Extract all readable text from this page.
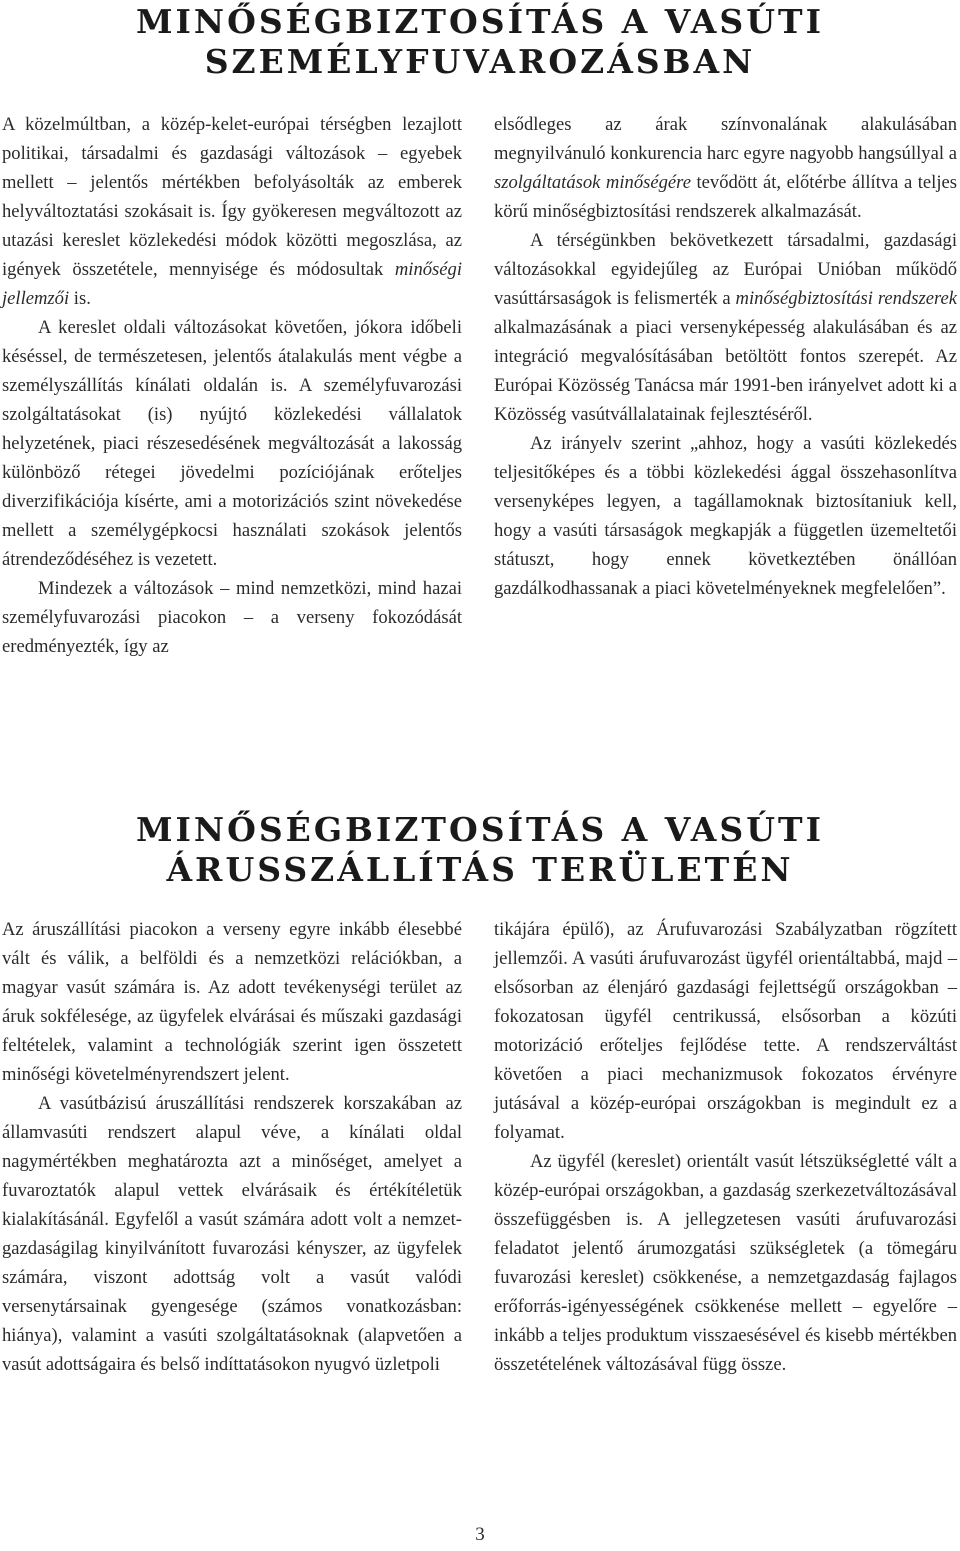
MINŐSÉGBIZTOSÍTÁS A VASÚTI
SZEMÉLYFUVAROZÁSBAN

A közelmúltban, a közép-kelet-európai térségben lezajlott politikai, társadalmi és gazdasági változások – egyebek mellett – jelentős mértékben befolyásolták az emberek helyváltoztatási szokásait is. Így gyökeresen megváltozott az utazási kereslet közlekedési módok közötti megoszlása, az igények összetétele, mennyisége és módosultak minőségi jellemzői is.

A kereslet oldali változásokat követően, jókora időbeli késéssel, de természetesen, jelentős átalakulás ment végbe a személyszállítás kínálati oldalán is. A személyfuvarozási szolgáltatásokat (is) nyújtó közlekedési vállalatok helyzetének, piaci részesedésének megváltozását a lakosság különböző rétegei jövedelmi pozíciójának erőteljes diverzifikációja kísérte, ami a motorizációs szint növekedése mellett a személygépkocsi használati szokások jelentős átrendeződéséhez is vezetett.

Mindezek a változások – mind nemzetközi, mind hazai személyfuvarozási piacokon – a verseny fokozódását eredményezték, így az

elsődleges az árak színvonalának alakulásában megnyilvánuló konkurencia harc egyre nagyobb hangsúllyal a szolgáltatások minőségére tevődött át, előtérbe állítva a teljes körű minőségbiztosítási rendszerek alkalmazását.

A térségünkben bekövetkezett társadalmi, gazdasági változásokkal egyidejűleg az Európai Unióban működő vasúttársaságok is felismerték a minőségbiztosítási rendszerek alkalmazásának a piaci versenyképesség alakulásában és az integráció megvalósításában betöltött fontos szerepét. Az Európai Közösség Tanácsa már 1991-ben irányelvet adott ki a Közösség vasútvállalatainak fejlesztéséről.

Az irányelv szerint „ahhoz, hogy a vasúti közlekedés teljesitőképes és a többi közlekedési ággal összehasonlítva versenyképes legyen, a tagállamoknak biztosítaniuk kell, hogy a vasúti társaságok megkapják a független üzemeltetői státuszt, hogy ennek következtében önállóan gazdálkodhassanak a piaci követelményeknek megfelelően”.

MINŐSÉGBIZTOSÍTÁS A VASÚTI
ÁRUSSZÁLLÍTÁS TERÜLETÉN

Az áruszállítási piacokon a verseny egyre inkább élesebbé vált és válik, a belföldi és a nemzetközi relációkban, a magyar vasút számára is. Az adott tevékenységi terület az áruk sokfélesége, az ügyfelek elvárásai és műszaki gazdasági feltételek, valamint a technológiák szerint igen összetett minőségi követelményrendszert jelent.

A vasútbázisú áruszállítási rendszerek korszakában az államvasúti rendszert alapul véve, a kínálati oldal nagymértékben meghatározta azt a minőséget, amelyet a fuvaroztatók alapul vettek elvárásaik és értékítéletük kialakításánál. Egyfelől a vasút számára adott volt a nemzetgazdaságilag kinyilvánított fuvarozási kényszer, az ügyfelek számára, viszont adottság volt a vasút valódi versenytársainak gyengesége (számos vonatkozásban: hiánya), valamint a vasúti szolgáltatásoknak (alapvetően a vasút adottságaira és belső indíttatásokon nyugvó üzletpoli

tikájára épülő), az Árufuvarozási Szabályzatban rögzített jellemzői. A vasúti árufuvarozást ügyfél orientáltabbá, majd – elsősorban az élenjáró gazdasági fejlettségű országokban – fokozatosan ügyfél centrikussá, elsősorban a közúti motorizáció erőteljes fejlődése tette. A rendszerváltást követően a piaci mechanizmusok fokozatos érvényre jutásával a közép-európai országokban is megindult ez a folyamat.

Az ügyfél (kereslet) orientált vasút létszükségletté vált a közép-európai országokban, a gazdaság szerkezetváltozásával összefüggésben is. A jellegzetesen vasúti árufuvarozási feladatot jelentő árumozgatási szükségletek (a tömegáru fuvarozási kereslet) csökkenése, a nemzetgazdaság fajlagos erőforrás-igényességének csökkenése mellett – egyelőre – inkább a teljes produktum visszaesésével és kisebb mértékben összetételének változásával függ össze.

3
